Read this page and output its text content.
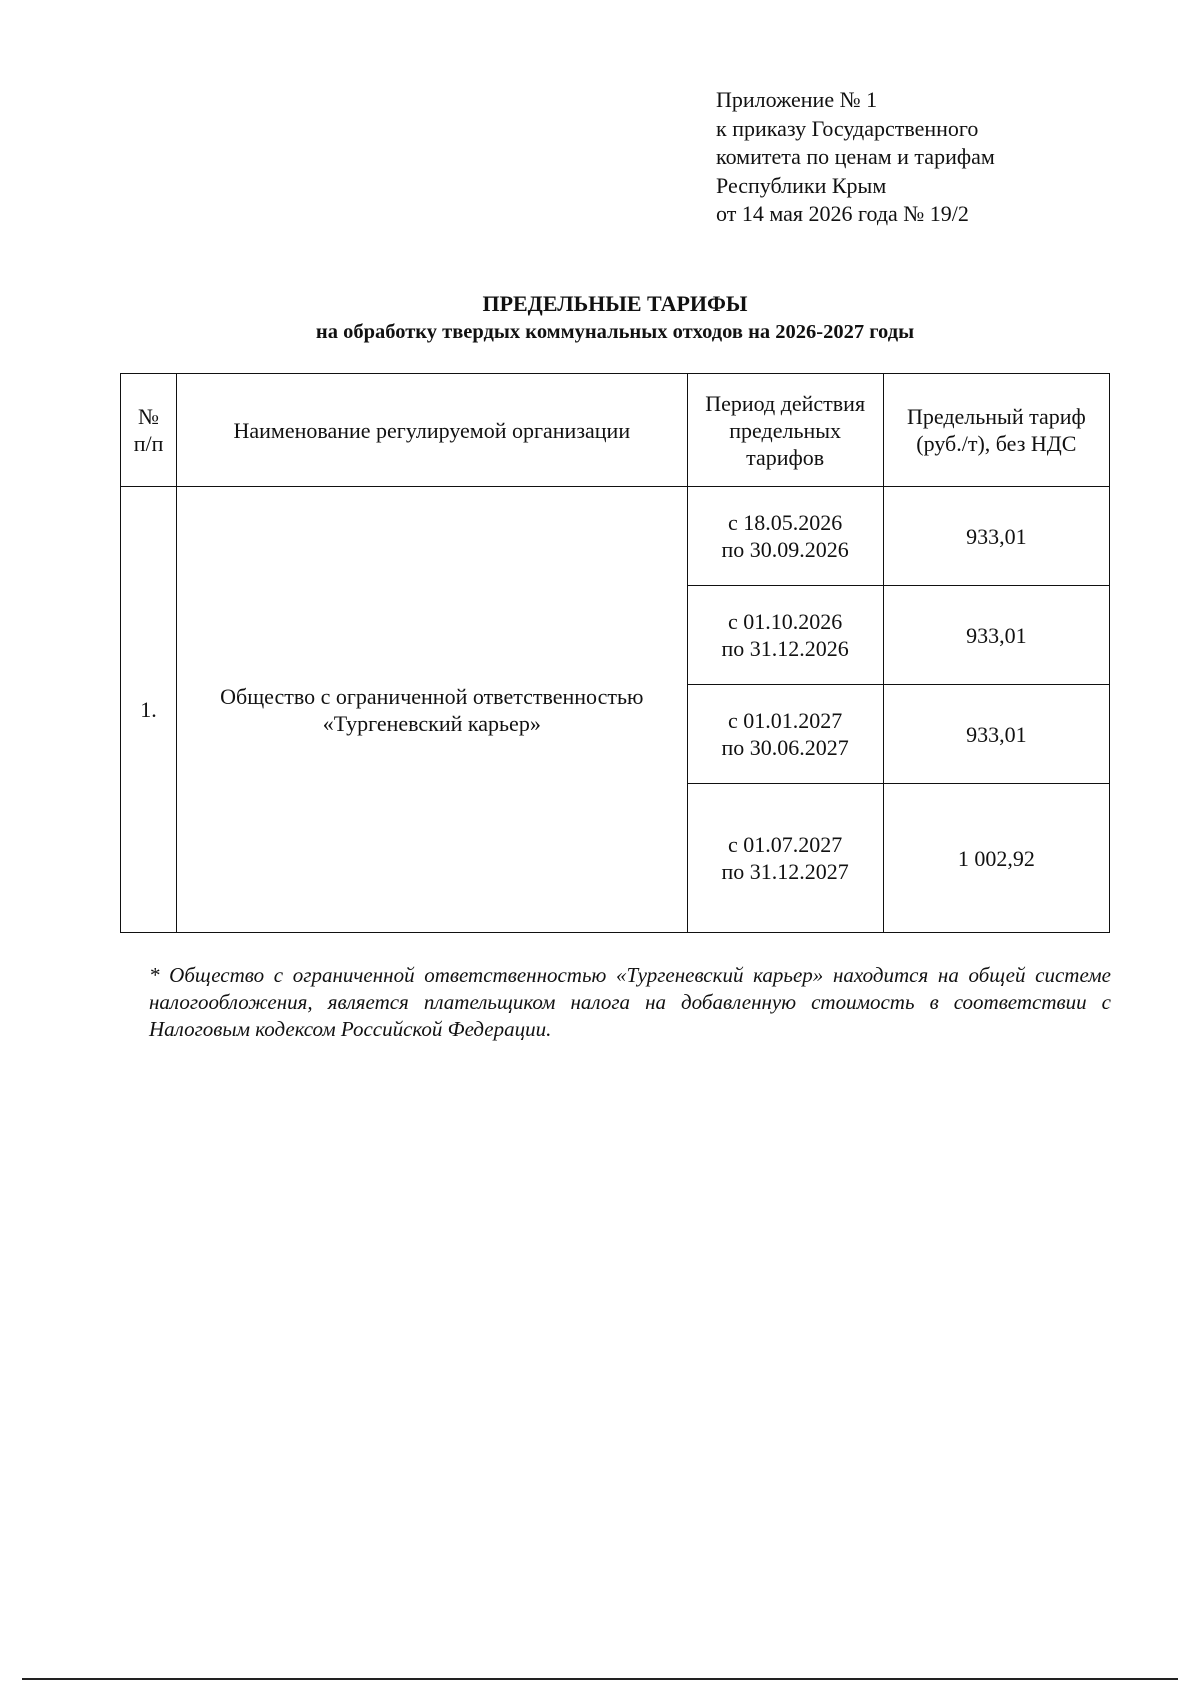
Приложение № 1
к приказу Государственного
комитета по ценам и тарифам
Республики Крым
от 14 мая 2026 года № 19/2
ПРЕДЕЛЬНЫЕ ТАРИФЫ
на обработку твердых коммунальных отходов на 2026-2027 годы
№ п/п	Наименование регулируемой организации	Период действия предельных тарифов	Предельный тариф (руб./т), без НДС
1.	Общество с ограниченной ответственностью «Тургеневский карьер»	с 18.05.2026
по 30.09.2026	933,01

		с 01.10.2026
по 31.12.2026	933,01

		с 01.01.2027
по 30.06.2027	933,01

		с 01.07.2027
по 31.12.2027	1 002,92
* Общество с ограниченной ответственностью «Тургеневский карьер» находится на общей системе налогообложения, является плательщиком налога на добавленную стоимость в соответствии с Налоговым кодексом Российской Федерации.
